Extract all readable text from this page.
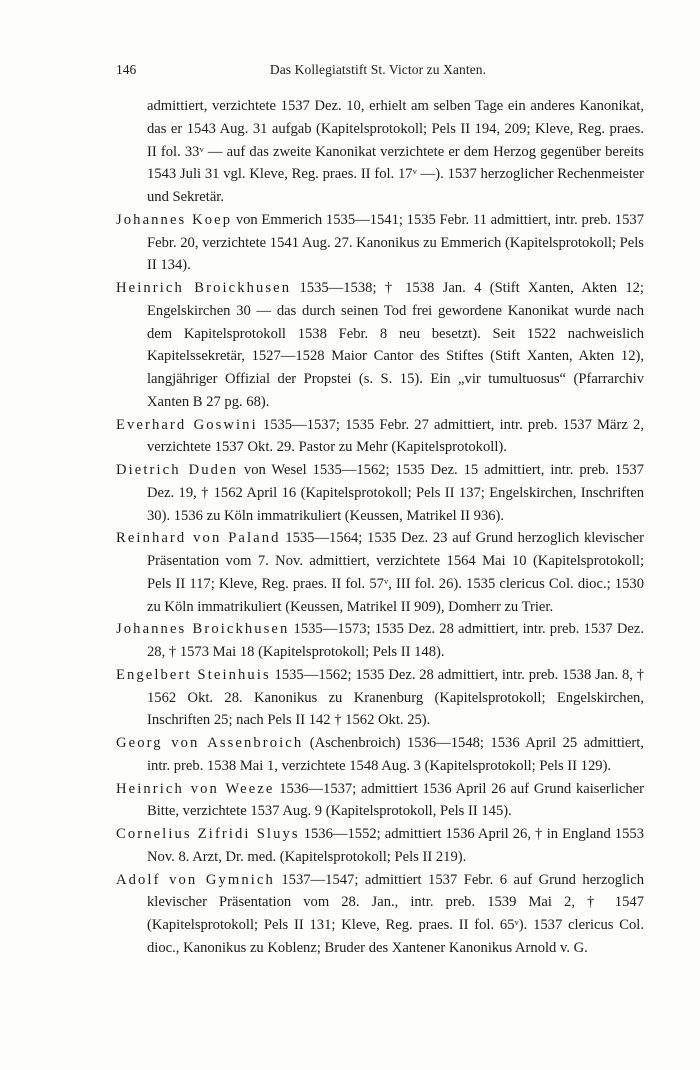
146	Das Kollegiatstift St. Victor zu Xanten.

admittiert, verzichtete 1537 Dez. 10, erhielt am selben Tage ein anderes Kanonikat, das er 1543 Aug. 31 aufgab (Kapitelsprotokoll; Pels II 194, 209; Kleve, Reg. praes. II fol. 33ᵛ — auf das zweite Kanonikat verzichtete er dem Herzog gegenüber bereits 1543 Juli 31 vgl. Kleve, Reg. praes. II fol. 17ᵛ —). 1537 herzoglicher Rechenmeister und Sekretär.

Johannes Koep von Emmerich 1535—1541; 1535 Febr. 11 admittiert, intr. preb. 1537 Febr. 20, verzichtete 1541 Aug. 27. Kanonikus zu Emmerich (Kapitelsprotokoll; Pels II 134).

Heinrich Broickhusen 1535—1538; † 1538 Jan. 4 (Stift Xanten, Akten 12; Engelskirchen 30 — das durch seinen Tod frei gewordene Kanonikat wurde nach dem Kapitelsprotokoll 1538 Febr. 8 neu besetzt). Seit 1522 nachweislich Kapitelssekretär, 1527—1528 Maior Cantor des Stiftes (Stift Xanten, Akten 12), langjähriger Offizial der Propstei (s. S. 15). Ein „vir tumultuosus“ (Pfarrarchiv Xanten B 27 pg. 68).

Everhard Goswini 1535—1537; 1535 Febr. 27 admittiert, intr. preb. 1537 März 2, verzichtete 1537 Okt. 29. Pastor zu Mehr (Kapitelsprotokoll).

Dietrich Duden von Wesel 1535—1562; 1535 Dez. 15 admittiert, intr. preb. 1537 Dez. 19, † 1562 April 16 (Kapitelsprotokoll; Pels II 137; Engelskirchen, Inschriften 30). 1536 zu Köln immatrikuliert (Keussen, Matrikel II 936).

Reinhard von Paland 1535—1564; 1535 Dez. 23 auf Grund herzoglich klevischer Präsentation vom 7. Nov. admittiert, verzichtete 1564 Mai 10 (Kapitelsprotokoll; Pels II 117; Kleve, Reg. praes. II fol. 57ᵛ, III fol. 26). 1535 clericus Col. dioc.; 1530 zu Köln immatrikuliert (Keussen, Matrikel II 909), Domherr zu Trier.

Johannes Broickhusen 1535—1573; 1535 Dez. 28 admittiert, intr. preb. 1537 Dez. 28, † 1573 Mai 18 (Kapitelsprotokoll; Pels II 148).

Engelbert Steinhuis 1535—1562; 1535 Dez. 28 admittiert, intr. preb. 1538 Jan. 8, † 1562 Okt. 28. Kanonikus zu Kranenburg (Kapitelsprotokoll; Engelskirchen, Inschriften 25; nach Pels II 142 † 1562 Okt. 25).

Georg von Assenbroich (Aschenbroich) 1536—1548; 1536 April 25 admittiert, intr. preb. 1538 Mai 1, verzichtete 1548 Aug. 3 (Kapitelsprotokoll; Pels II 129).

Heinrich von Weeze 1536—1537; admittiert 1536 April 26 auf Grund kaiserlicher Bitte, verzichtete 1537 Aug. 9 (Kapitelsprotokoll, Pels II 145).

Cornelius Zifridi Sluys 1536—1552; admittiert 1536 April 26, † in England 1553 Nov. 8. Arzt, Dr. med. (Kapitelsprotokoll; Pels II 219).

Adolf von Gymnich 1537—1547; admittiert 1537 Febr. 6 auf Grund herzoglich klevischer Präsentation vom 28. Jan., intr. preb. 1539 Mai 2, † 1547 (Kapitelsprotokoll; Pels II 131; Kleve, Reg. praes. II fol. 65ᵛ). 1537 clericus Col. dioc., Kanonikus zu Koblenz; Bruder des Xantener Kanonikus Arnold v. G.
